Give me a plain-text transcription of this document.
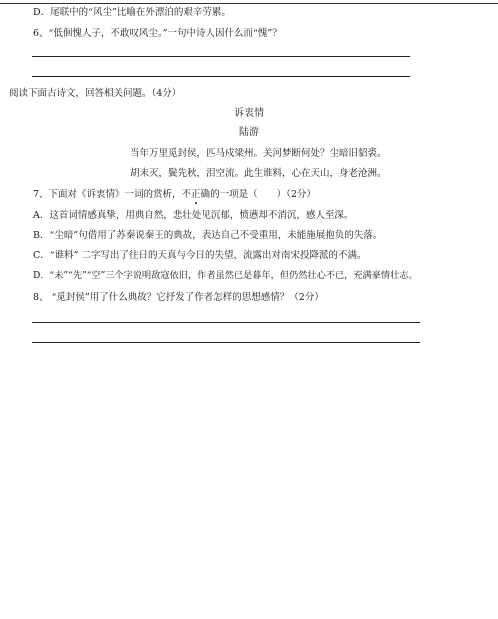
D．尾联中的“风尘”比喻在外漂泊的艰辛劳累。
6、“低佪愧人子，不敢叹风尘。”一句中诗人因什么而“愧”？
阅读下面古诗文，回答相关问题。（4分）
诉衷情
陆游
当年万里觅封侯，匹马戍梁州。关河梦断何处？尘暗旧貂裘。
胡未灭，鬓先秋，泪空流。此生谁料，心在天山，身老沧洲。
7、下面对《诉衷情》一词的赏析，不正确的一项是（　　）（2分）
A．这首词情感真挚，用典自然，悲壮处见沉郁，愤懑却不消沉，感人至深。
B．“尘暗”句借用了苏秦说秦王的典故，表达自己不受重用，未能施展抱负的失落。
C．“谁料” 二字写出了往日的天真与今日的失望，流露出对南宋投降派的不满。
D．“未”“先”“空”三个字说明敌寇依旧，作者虽然已是暮年，但仍然壮心不已，充满豪情壮志。
8、 “觅封侯”用了什么典故？它抒发了作者怎样的思想感情？（2分）
